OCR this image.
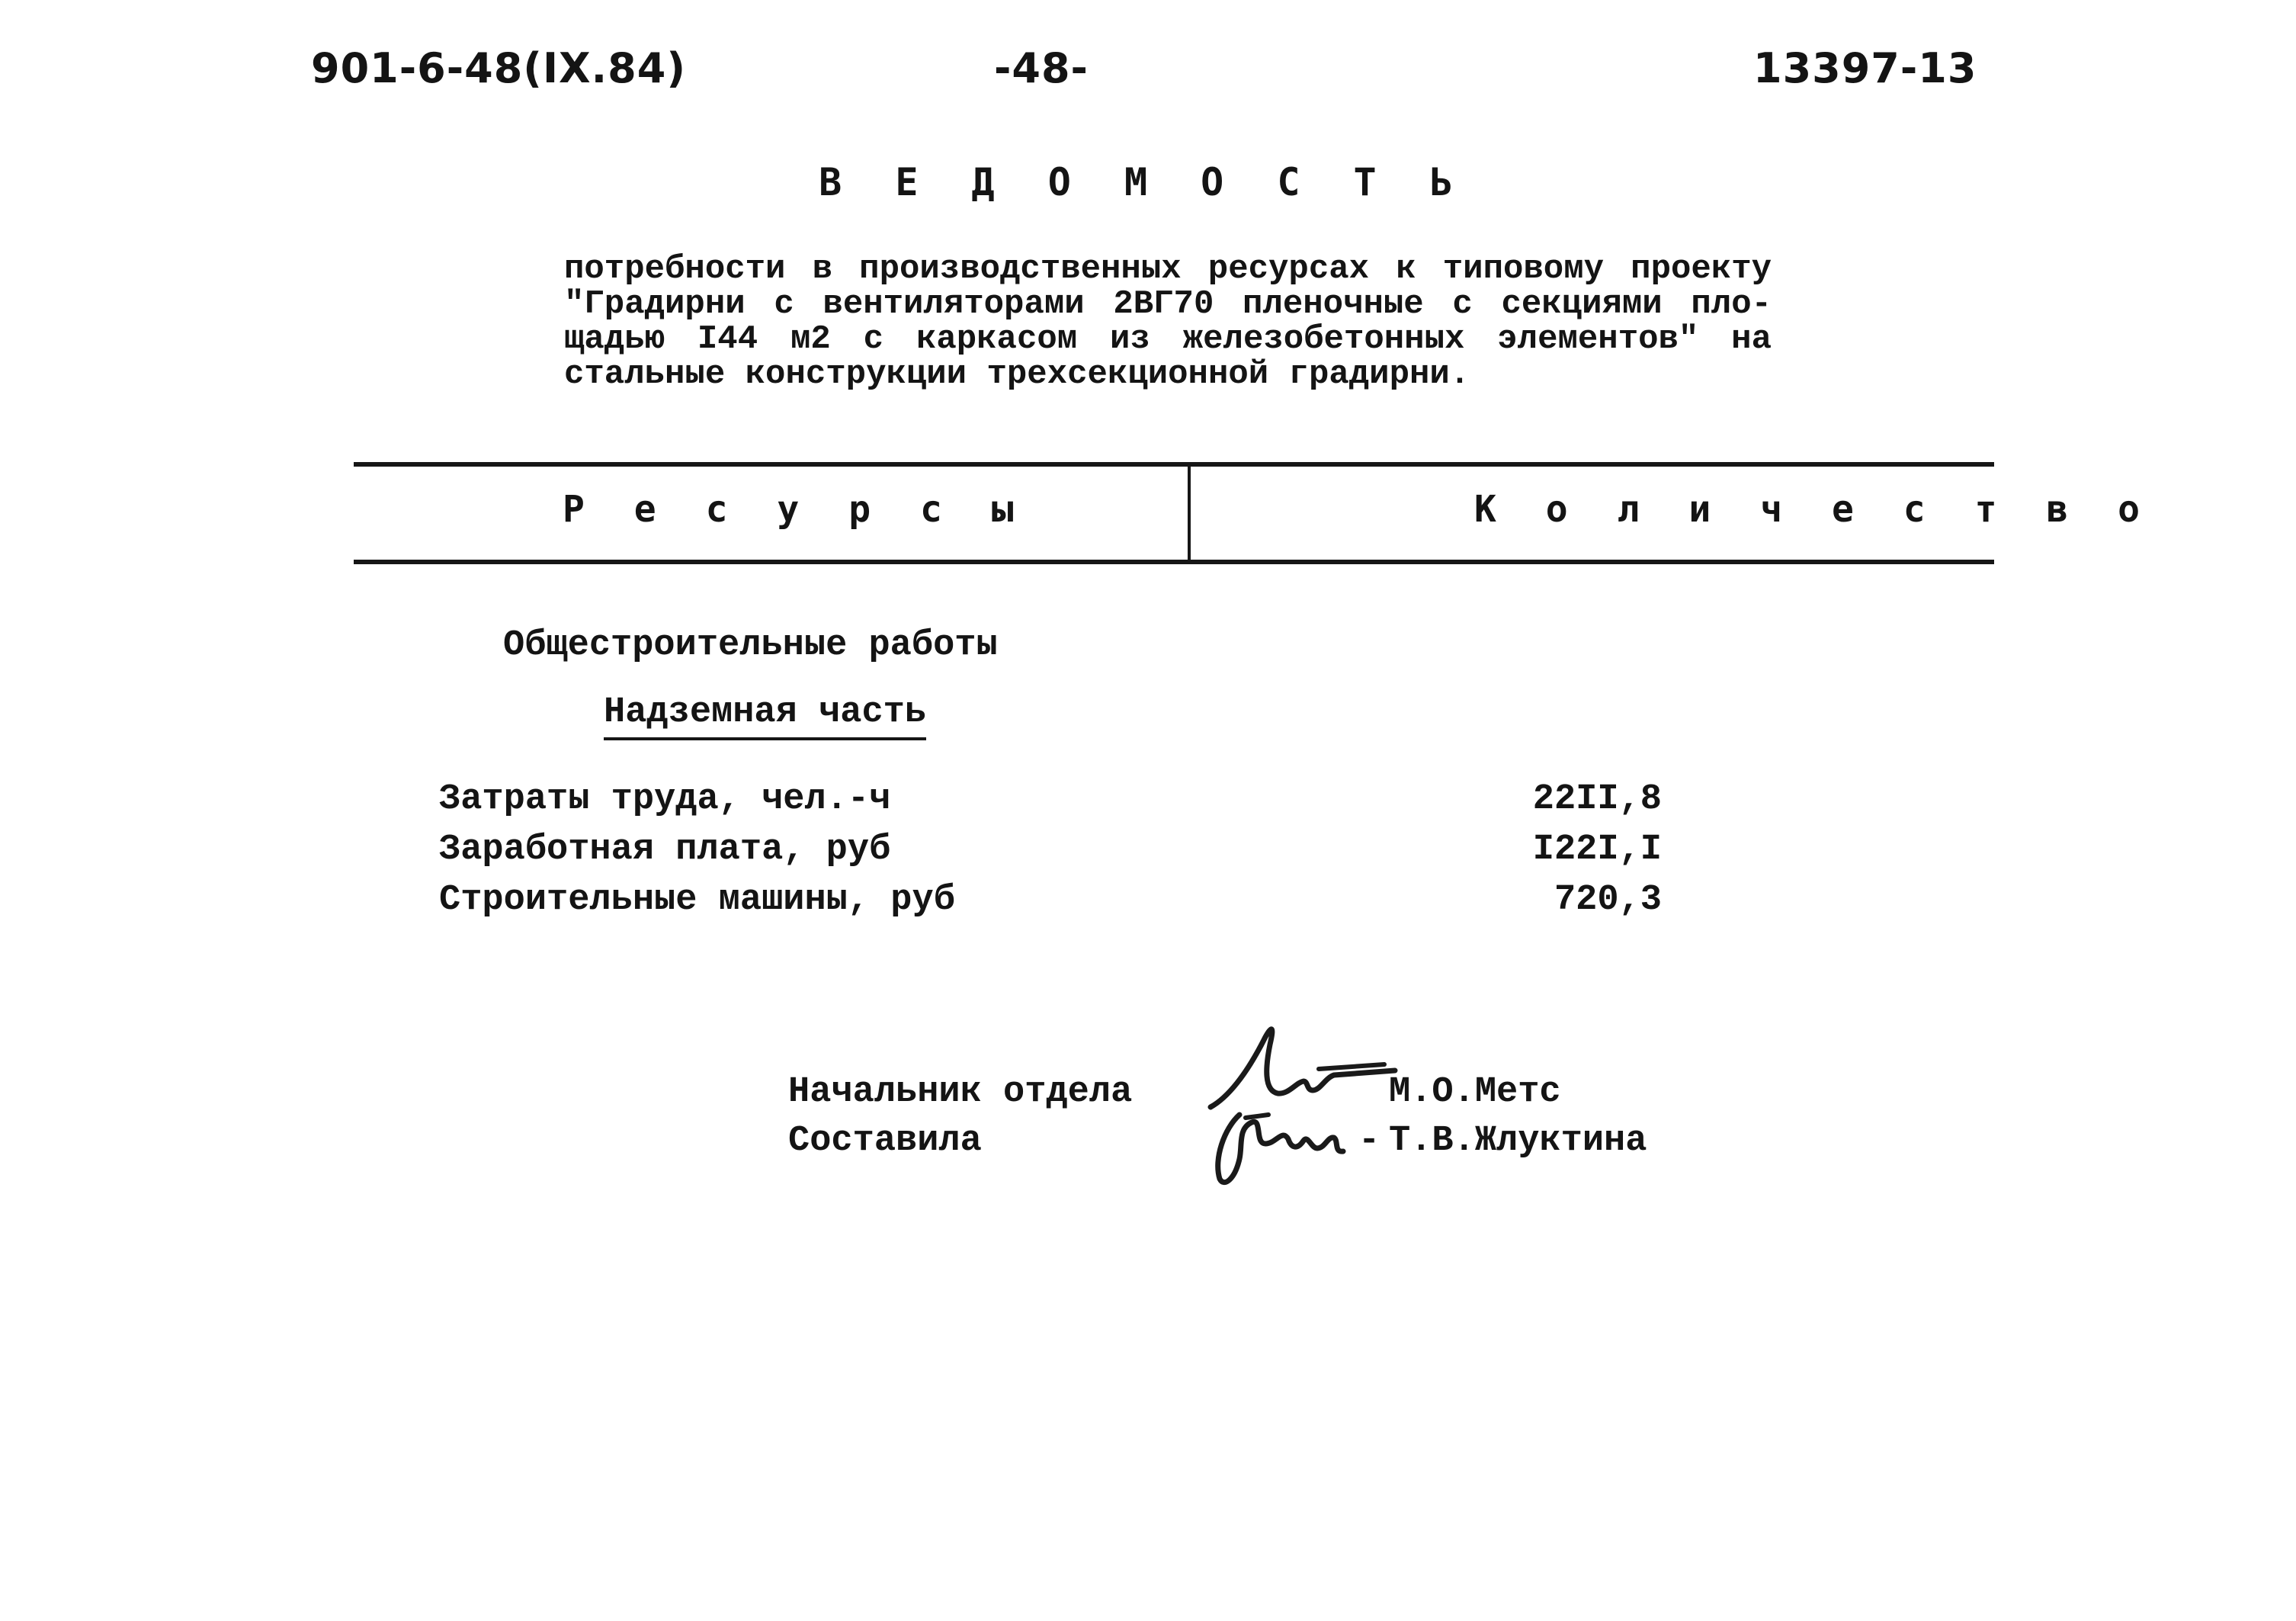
901-6-48(IX.84)	-48-	13397-13
В Е Д О М О С Т Ь
потребности в производственных ресурсах к типовому проекту
"Градирни с вентиляторами 2ВГ70 пленочные с секциями пло-
щадью I44 м2 с каркасом из железобетонных элементов" на
стальные конструкции трехсекционной градирни.
Р е с у р с ы	К о л и ч е с т в о
Общестроительные работы
Надземная часть
Затраты труда, чел.-ч	22II,8
Заработная плата, руб	I22I,I
Строительные машины, руб	720,3
Начальник отдела	М.О.Метс
Составила	- Т.В.Жлуктина
